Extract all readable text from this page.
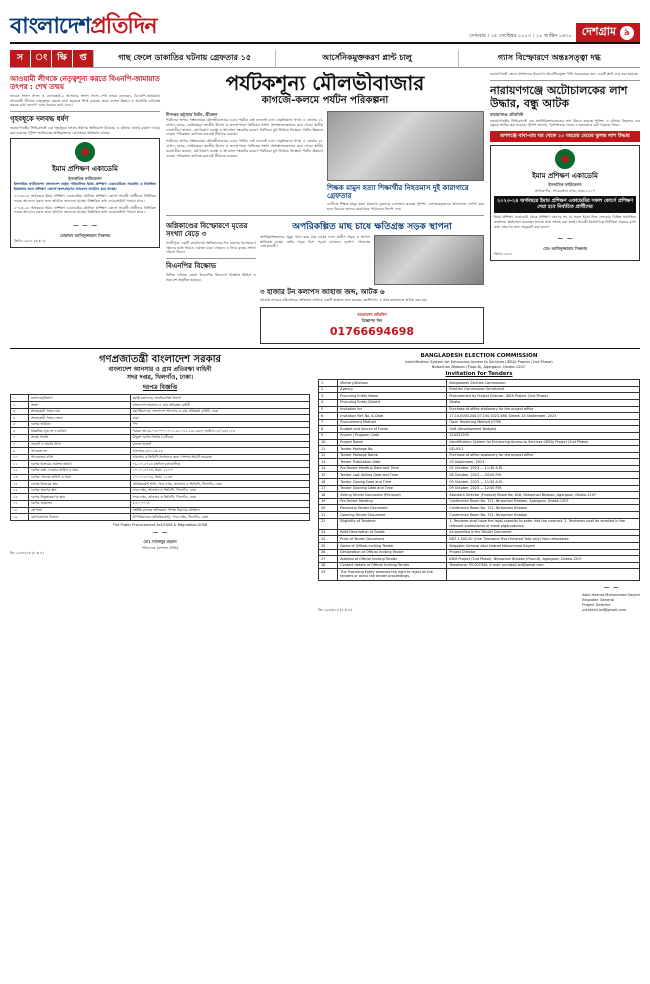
বাংলাদেশপ্রতিদিন	সোমবার । ২৫ সেপ্টেম্বর ২০২৩ । ১০ আশ্বিন ১৪৩০ দেশগ্রাম ৯
স	ং	ক্ষি	প্ত	গাছ ফেলে ডাকাতির ঘটনায় গ্রেফতার ১৫	আর্সেনিকমুক্তকরণ প্লান্ট চালু	গ্যাস বিস্ফোরণে অন্তঃসত্ত্বা দগ্ধ
আওয়ামী লীগকে নেতৃত্বশূন্য করতে বিএনপি-জামায়াত তৎপর : শেখ তন্ময়
সাবেক সংসদ সদস্য ও বাগেরহাট-২ আসনের সংসদ সদস্য শেখ তন্ময় বলেছেন, বিএনপি-জামায়াত আওয়ামী লীগকে নেতৃত্বশূন্য করতে নানা ষড়যন্ত্রে লিপ্ত রয়েছে। তারা দেশের উন্নয়ন ও অগ্রগতি বাধাগ্রস্ত করতে চায়। জনগণ এসব ষড়যন্ত্র রুখে দেবে।
গৃহবধূকে দলবদ্ধ ধর্ষণ
নারায়ণগঞ্জের সিদ্ধিরগঞ্জে এক গৃহবধূকে দলবদ্ধ ধর্ষণের অভিযোগ উঠেছে। এ ঘটনায় থানায় মামলা দায়ের করা হয়েছে। পুলিশ জানিয়েছে অভিযুক্তদের গ্রেফতারে অভিযান চলছে।
ইমাম প্রশিক্ষণ একাডেমি
ইসলামিক ফাউন্ডেশন
ইসলামিক ফাউন্ডেশন বাংলাদেশ কর্তৃক পরিচালিত ইমাম প্রশিক্ষণ একাডেমিতে সরকারি ও নিবন্ধিত ইমামদের জন্য প্রশিক্ষণ কোর্সে অংশগ্রহণের আবেদন আহ্বান করা যাচ্ছে।
২০২৩-২৪ অর্থবছরে ইমাম প্রশিক্ষণ একাডেমির মৌলিক প্রশিক্ষণ কোর্সে আগ্রহী প্রার্থীদের নির্ধারিত ফরমে আবেদন করার জন্য আহ্বান জানানো যাচ্ছে। বিস্তারিত তথ্য ওয়েবসাইটে পাওয়া যাবে।
২০২৩-২৪ অর্থবছরে ইমাম প্রশিক্ষণ একাডেমির মৌলিক প্রশিক্ষণ কোর্সে আগ্রহী প্রার্থীদের নির্ধারিত ফরমে আবেদন করার জন্য আহ্বান জানানো যাচ্ছে। বিস্তারিত তথ্য ওয়েবসাইটে পাওয়া যাবে।
~ ~ ~
মোহাম্মদ আনিসুজ্জামান সিকদার
জিডি-১৬২৭ (৩ x ৫)
পর্যটকশূন্য মৌলভীবাজার
কাগজে-কলমে পর্যটন পরিকল্পনা
দীপংকর ভট্টাচার্য লিটন, শ্রীমঙ্গল
পর্যটনের অপার সম্ভাবনাময় মৌলভীবাজারে এবার পর্যটক নেই বললেই চলে। প্রকৃতিকন্যা খ্যাত এ জেলার চা-বাগান, হাওর, লাউয়াছড়া জাতীয় উদ্যান ও জলপ্রপাতে পর্যটকের সংখ্যা আশঙ্কাজনকভাবে কমে গেছে। স্থানীয় ব্যবসায়ীরা জানান, যোগাযোগ ব্যবস্থা ও আবাসন সংকটের কারণে পর্যটকরা মুখ ফিরিয়ে নিচ্ছেন। পর্যটন উন্নয়নে নেওয়া পরিকল্পনা কাগজে-কলমেই সীমাবদ্ধ রয়েছে।
পর্যটনের অপার সম্ভাবনাময় মৌলভীবাজারে এবার পর্যটক নেই বললেই চলে। প্রকৃতিকন্যা খ্যাত এ জেলার চা-বাগান, হাওর, লাউয়াছড়া জাতীয় উদ্যান ও জলপ্রপাতে পর্যটকের সংখ্যা আশঙ্কাজনকভাবে কমে গেছে। স্থানীয় ব্যবসায়ীরা জানান, যোগাযোগ ব্যবস্থা ও আবাসন সংকটের কারণে পর্যটকরা মুখ ফিরিয়ে নিচ্ছেন। পর্যটন উন্নয়নে নেওয়া পরিকল্পনা কাগজে-কলমেই সীমাবদ্ধ রয়েছে।
শিক্ষক মামুন হত্যা শিক্ষার্থীর নিহতমাস দুই কারাগারে গ্রেফতার
ফেনীতে শিক্ষক মামুন হত্যা মামলায় দুজনকে গ্রেফতার করেছে পুলিশ। গ্রেফতারকৃতদের আদালতে সোপর্দ করা হলে বিচারক তাদের কারাগারে পাঠানোর নির্দেশ দেন।
অগ্নিকাণ্ডের বিস্ফোরণে মৃতের সংখ্যা বেড়ে ৩
গাজীপুরে একটি কারখানায় অগ্নিকাণ্ডের পর বয়লার বিস্ফোরণে দগ্ধদের মধ্যে আরও একজন মারা গেছেন। এ নিয়ে মৃতের সংখ্যা দাঁড়াল তিনে।
বিএনপির বিক্ষোভ
বিভিন্ন দাবিতে জেলা বিএনপির উদ্যোগে বিক্ষোভ মিছিল ও সমাবেশ অনুষ্ঠিত হয়েছে।
অপরিকল্পিত মাছ চাষে ক্ষতিগ্রস্ত সড়ক স্থাপনা
অপরিকল্পিতভাবে পুকুর খনন করে মাছ চাষের ফলে গ্রামীণ সড়ক ও স্থাপনা ক্ষতিগ্রস্ত হচ্ছে। বর্ষায় সড়ক ধসে পড়ায় চলাচলে দুর্ভোগ পোহাচ্ছে এলাকাবাসী।
৩ হাজার টন কলাপস জাহাজ জব্দ, আটক ৬
চট্টগ্রাম বন্দরের বহির্নোঙরে অভিযান চালিয়ে একটি জাহাজ জব্দ করেছে কোস্টগার্ড। এ সময় ছয়জনকে আটক করা হয়।
বাংলাদেশ প্রতিদিন
বিজ্ঞাপন দিন
01766694698
নারায়ণগঞ্জে জেলা প্রশাসনের উদ্যোগে আর্সেনিকমুক্ত পানি সরবরাহের জন্য একটি প্লান্ট চালু করা হয়েছে।
নারায়ণগঞ্জে অটোচালকের লাশ উদ্ধার, বন্ধু আটক
নারায়ণগঞ্জ প্রতিনিধি
নারায়ণগঞ্জের সিদ্ধিরগঞ্জে এক অটোরিকশাচালকের লাশ উদ্ধার করেছে পুলিশ। এ ঘটনায় নিহতের এক বন্ধুকে আটক করা হয়েছে। পুলিশ জানায়, পূর্বশত্রুতার জেরে এ হত্যাকাণ্ড ঘটে থাকতে পারে।
রূপগঞ্জে বাবা-মার ঘর থেকে ১০ বছরের মেয়ের ঝুলন্ত লাশ উদ্ধার
ইমাম প্রশিক্ষণ একাডেমি
ইসলামিক ফাউন্ডেশন
আগারগাঁও, শেরেবাংলা নগর, ঢাকা-১২০৭
২০২৩-২৪ অর্থবছরে ইমাম প্রশিক্ষণ একাডেমির সকল কোর্সে প্রশিক্ষণ দেয়া হবে নির্বাচিত প্রার্থীদের
ইমাম প্রশিক্ষণ একাডেমি থেকে প্রশিক্ষণ গ্রহণের পর যে সকল ইমাম নিজ এলাকায় বিভিন্ন সামাজিক কার্যক্রমে অংশগ্রহণ করেছেন তাদের তথ্য সংগ্রহ করা হচ্ছে। আগ্রহী ইমামগণকে নির্ধারিত সময়ের মধ্যে তথ্য প্রেরণের জন্য অনুরোধ করা হলো।
~ ~
মোঃ আনিসুজ্জামান সিকদার
জিডি-১৬২৭
গণপ্রজাতন্ত্রী বাংলাদেশ সরকার
বাংলাদেশ আনসার ও গ্রাম প্রতিরক্ষা বাহিনী
সদর দপ্তর, খিলগাঁও, ঢাকা।
দরপত্র বিজ্ঞপ্তি
১	মন্ত্রণালয়/বিভাগ	স্বরাষ্ট্র মন্ত্রণালয়, জননিরাপত্তা বিভাগ
২	সংস্থা	বাংলাদেশ আনসার ও গ্রাম প্রতিরক্ষা বাহিনী
৩	সংগ্রহকারী সত্তার নাম	মহাপরিচালক, বাংলাদেশ আনসার ও গ্রাম প্রতিরক্ষা বাহিনী, ঢাকা
৪	সংগ্রহকারী সত্তার জেলা	ঢাকা
৫	দরপত্র আহ্বান	পণ্য
৬	বিজ্ঞপ্তির সূত্র নং ও তারিখ	স্মারক নং-৪৪.০৩.০০০০.০১৭.২৮.০২২.২৩-১৬৩০; তারিখ-১৮/০৯/২০২৩
৭	সংগ্রহ পদ্ধতি	উন্মুক্ত দরপত্র পদ্ধতি (ওটিএম)
৮	বাজেট ও অর্থের উৎস	রাজস্ব বাজেট
৯	প্যাকেজ নং	আনসার-২/২০২৩-২৪
১০	প্যাকেজের বর্ণনা	আনসার ও ভিডিপি সদস্যদের জন্য পোশাক সামগ্রী সরবরাহ
১১	দরপত্র বিক্রয়ের সর্বশেষ তারিখ	০৯-১০-২০২৩ (অফিস চলাকালীন)
১২	দরপত্র জমা দেওয়ার তারিখ ও সময়	১০-১০-২০২৩, সময়: ১২:০০
১৩	দরপত্র খোলার তারিখ ও সময়	১০-১০-২০২৩, সময়: ১২:৩০
১৪	দরপত্র বিক্রয়ের স্থান	প্রকিউরমেন্ট শাখা, সদর দপ্তর, আনসার ও ভিডিপি, খিলগাঁও, ঢাকা
১৫	দরপত্র গ্রহণের স্থান	সদর দপ্তর, আনসার ও ভিডিপি, খিলগাঁও, ঢাকা
১৬	দরপত্র উন্মুক্তকরণের স্থান	সদর দপ্তর, আনসার ও ভিডিপি, খিলগাঁও, ঢাকা
১৭	দরপত্র জামানত	৳ ৮০,০০০/-
১৮	যোগ্যতা	সংশ্লিষ্ট কাজের অভিজ্ঞতা সম্পন্ন ঠিকাদার প্রতিষ্ঠান
১৯	যোগাযোগের ঠিকানা	উপপরিচালক (প্রকিউরমেন্ট), সদর দপ্তর, খিলগাঁও, ঢাকা
The Public Procurement Act/2006 & Regulation-2008
~ ~
মোঃ সাজেদুর রহমান
পরিচালক (প্রশাসন-বিজি)
জি-১৯৩০/২৩ (৮ x ৪)
BANGLADESH ELECTION COMMISSION
Identification System for Enhancing Access to Services (IDEA) Project (2nd Phase)
Nirbachon Bhaban (Floor-8), Agargaon, Dhaka-1207.
Invitation for Tenders
1	Ministry/Division	Bangladesh Election Commission
2	Agency	Election Commission Secretariat
3	Procuring Entity Name	Procurement by Project Director, IDEA Project (2nd Phase)
4	Procuring Entity District	Dhaka
5	Invitation for	Purchase of office stationery for the project office
6	Invitation Ref. No. & Date	17.14.0000.240.07.150.2023-586, Dated: 24 September, 2023
7	Procurement Method	Open Tendering Method (OTM)
8	Budget and Source of Funds	GoB (Development Budget)
9	Project / Program Code	224331200
10	Project Name	Identification System for Enhancing Access to Services (IDEA) Project (2nd Phase)
11	Tender Package No.	GD-03.1
12	Tender Package Name	Purchase of office stationery for the project office
13	Tender Publication Date	25 September, 2023
14	Pre-Tender Meeting Date and Time	02 October, 2023 — 11:30 A.M.
15	Tender Last Selling Date and Time	08 October, 2023 — 04:00 P.M.
16	Tender Closing Date and Time	09 October, 2023 — 11:30 A.M.
17	Tender Opening Date and Time	09 October, 2023 — 12:00 P.M.
18	Selling Tender Document (Principal)	Assistant Director (Finance) Room No. 818, Nirbachon Bhaban, Agargaon, Dhaka-1207
19	Pre-Tender Meeting	Conference Room No. 721, Nirbachon Bhaban, Agargaon, Dhaka-1207
20	Receiving Tender Document	Conference Room No. 721, Nirbachon Bhaban
21	Opening Tender Document	Conference Room No. 721, Nirbachon Bhaban
22	Eligibility of Tenderer	1. Tenderer shall have the legal capacity to enter into the contract. 2. Tenderers shall be enrolled in the relevant professional or trade organizations.
23	Brief Description of Goods	As specified in the Tender Document
24	Price of Tender Document	BDT 1,500.00 (One Thousand Five Hundred Taka only) Non-refundable
25	Name of Official Inviting Tender	Brigadier General Abul Hasnat Mohammad Sayem
26	Designation of Official Inviting Tender	Project Director
27	Address of Official Inviting Tender	IDEA Project (2nd Phase), Nirbachon Bhaban (Floor-8), Agargaon, Dhaka-1207
28	Contact details of Official Inviting Tender	Telephone: 55-007444, E-mail: pd.idea2.bd@gmail.com
29	The Procuring Entity reserves the right to reject all the tenders or annul the tender proceedings.	
জি-১৯৩৩/২৩ (৪ x ৪)
~ ~
Abul Hasnat Mohammad Sayem
Brigadier General
Project Director
pd.idea2.bd@gmail.com
